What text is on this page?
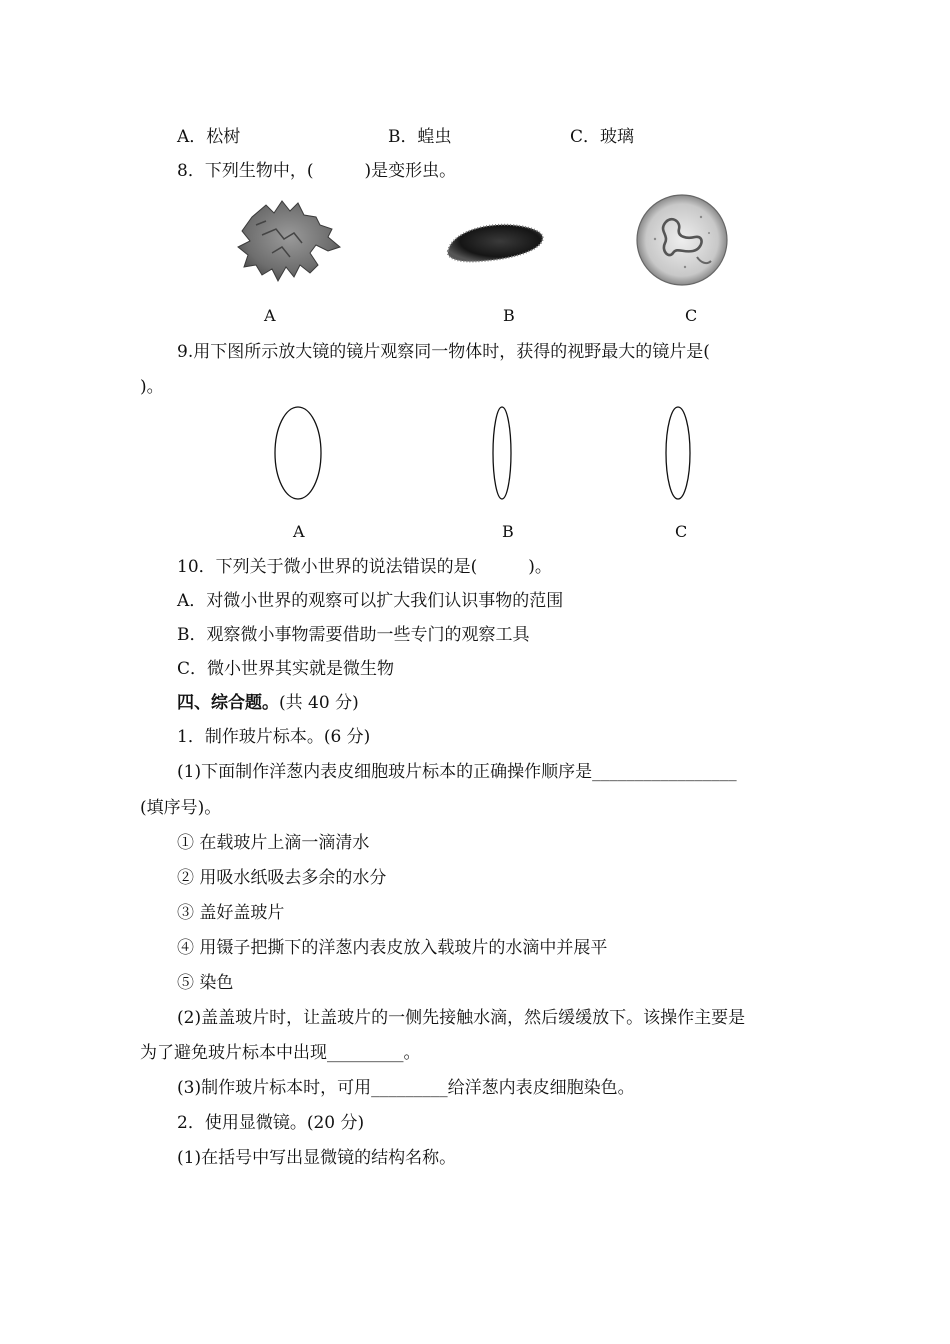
A．松树	B．蝗虫	C．玻璃
8．下列生物中，(　　　)是变形虫。
A	B	C
9.用下图所示放大镜的镜片观察同一物体时，获得的视野最大的镜片是(
)。
A	B	C
10．下列关于微小世界的说法错误的是(　　　)。
A．对微小世界的观察可以扩大我们认识事物的范围
B．观察微小事物需要借助一些专门的观察工具
C．微小世界其实就是微生物
四、综合题。(共 40 分)
1．制作玻片标本。(6 分)
(1)下面制作洋葱内表皮细胞玻片标本的正确操作顺序是_________________
(填序号)。
① 在载玻片上滴一滴清水
② 用吸水纸吸去多余的水分
③ 盖好盖玻片
④ 用镊子把撕下的洋葱内表皮放入载玻片的水滴中并展平
⑤ 染色
(2)盖盖玻片时，让盖玻片的一侧先接触水滴，然后缓缓放下。该操作主要是
为了避免玻片标本中出现_________。
(3)制作玻片标本时，可用_________给洋葱内表皮细胞染色。
2．使用显微镜。(20 分)
(1)在括号中写出显微镜的结构名称。
